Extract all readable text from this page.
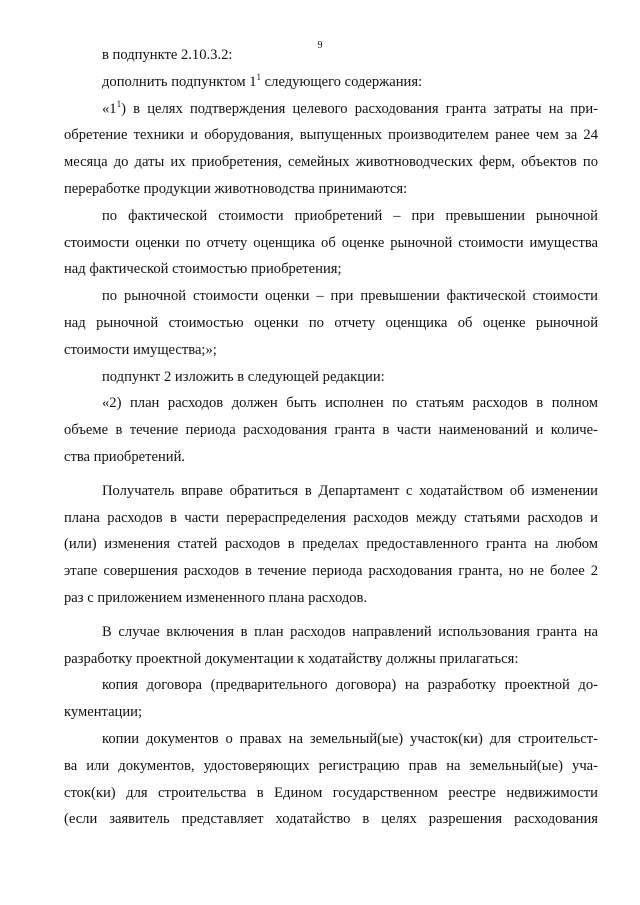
9
в подпункте 2.10.3.2:
дополнить подпунктом $1^1$ следующего содержания:
«$1^1$) в целях подтверждения целевого расходования гранта затраты на при-
обретение техники и оборудования, выпущенных производителем ранее чем за 24
месяца до даты их приобретения, семейных животноводческих ферм, объектов по
переработке продукции животноводства принимаются:
по фактической стоимости приобретений – при превышении рыночной
стоимости оценки по отчету оценщика об оценке рыночной стоимости имущества
над фактической стоимостью приобретения;
по рыночной стоимости оценки – при превышении фактической стоимости
над рыночной стоимостью оценки по отчету оценщика об оценке рыночной
стоимости имущества;»;
подпункт 2 изложить в следующей редакции:
«2) план расходов должен быть исполнен по статьям расходов в полном
объеме в течение периода расходования гранта в части наименований и количе-
ства приобретений.
Получатель вправе обратиться в Департамент с ходатайством об изменении
плана расходов в части перераспределения расходов между статьями расходов и
(или) изменения статей расходов в пределах предоставленного гранта на любом
этапе совершения расходов в течение периода расходования гранта, но не более 2
раз с приложением измененного плана расходов.
В случае включения в план расходов направлений использования гранта на
разработку проектной документации к ходатайству должны прилагаться:
копия договора (предварительного договора) на разработку проектной до-
кументации;
копии документов о правах на земельный(ые) участок(ки) для строительст-
ва или документов, удостоверяющих регистрацию прав на земельный(ые) уча-
сток(ки) для строительства в Едином государственном реестре недвижимости
(если заявитель представляет ходатайство в целях разрешения расходования
